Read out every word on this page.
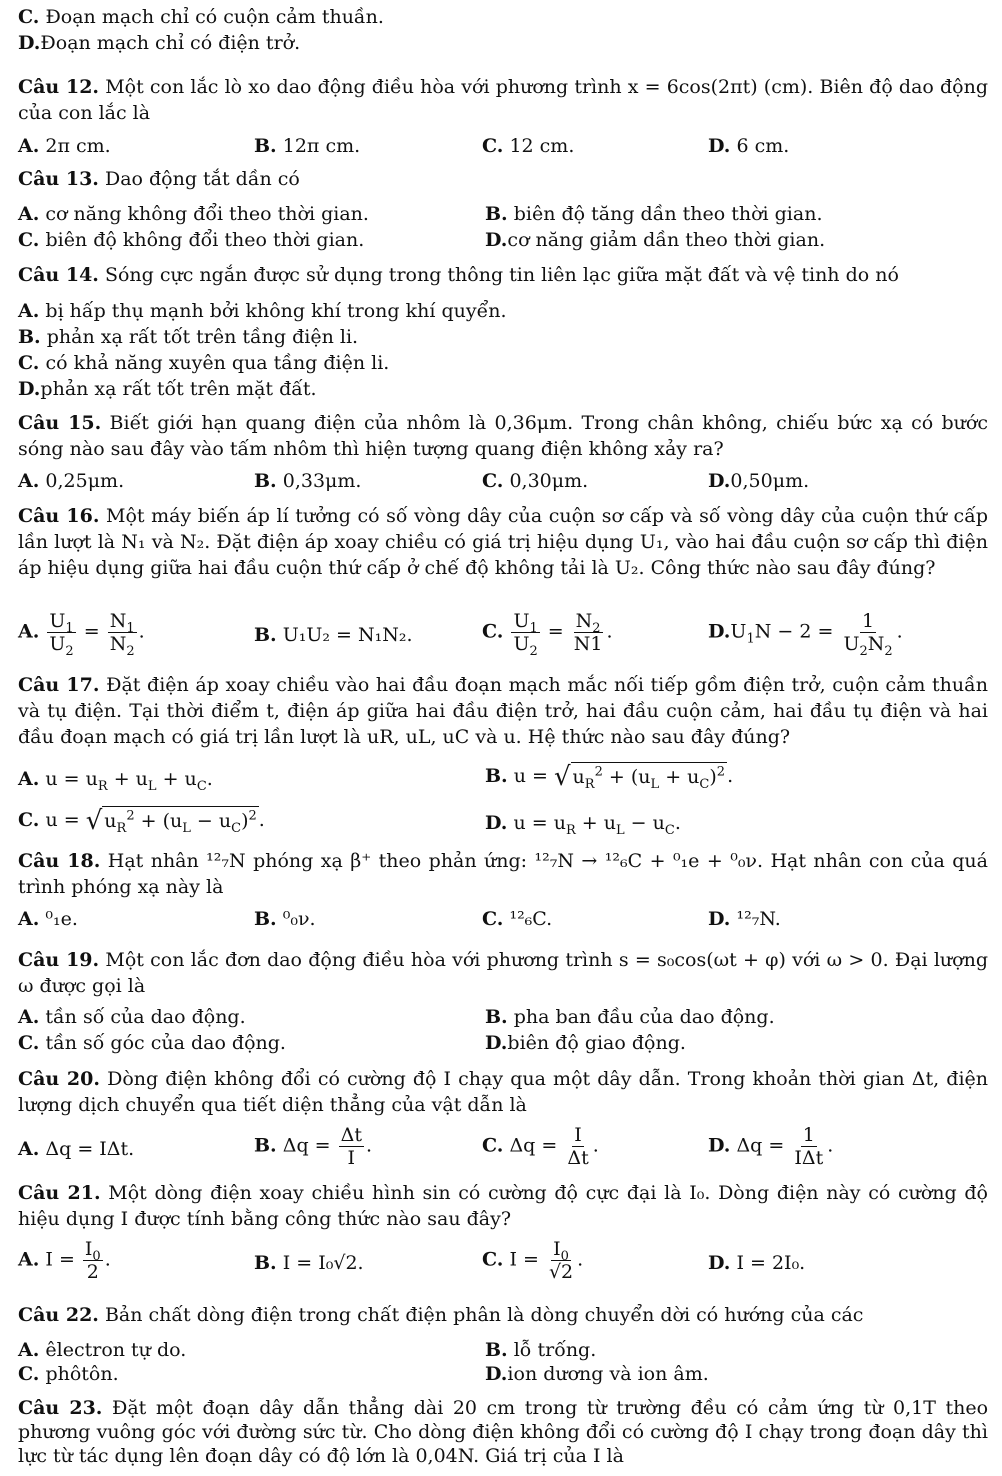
C. Đoạn mạch chỉ có cuộn cảm thuần.
D.Đoạn mạch chỉ có điện trở.
Câu 12. Một con lắc lò xo dao động điều hòa với phương trình x = 6cos(2πt) (cm). Biên độ dao động của con lắc là
A. 2π cm.	B. 12π cm.	C. 12 cm.	D. 6 cm.
Câu 13. Dao động tắt dần có
A. cơ năng không đổi theo thời gian.	B. biên độ tăng dần theo thời gian.
C. biên độ không đổi theo thời gian.	D.cơ năng giảm dần theo thời gian.
Câu 14. Sóng cực ngắn được sử dụng trong thông tin liên lạc giữa mặt đất và vệ tinh do nó
A. bị hấp thụ mạnh bởi không khí trong khí quyển.
B. phản xạ rất tốt trên tầng điện li.
C. có khả năng xuyên qua tầng điện li.
D.phản xạ rất tốt trên mặt đất.
Câu 15. Biết giới hạn quang điện của nhôm là 0,36μm. Trong chân không, chiếu bức xạ có bước sóng nào sau đây vào tấm nhôm thì hiện tượng quang điện không xảy ra?
A. 0,25μm.	B. 0,33μm.	C. 0,30μm.	D.0,50μm.
Câu 16. Một máy biến áp lí tưởng có số vòng dây của cuộn sơ cấp và số vòng dây của cuộn thứ cấp lần lượt là N₁ và N₂. Đặt điện áp xoay chiều có giá trị hiệu dụng U₁, vào hai đầu cuộn sơ cấp thì điện áp hiệu dụng giữa hai đầu cuộn thứ cấp ở chế độ không tải là U₂. Công thức nào sau đây đúng?
A. $\frac{U_1}{U_2} = \frac{N_1}{N_2}$ .	B. U₁U₂ = N₁N₂.	C. $\frac{U_1}{U_2} = \frac{N_2}{N1}$ .	$D.U_1N - 2 = \frac{1}{U_2N_2}$ .
Câu 17. Đặt điện áp xoay chiều vào hai đầu đoạn mạch mắc nối tiếp gồm điện trở, cuộn cảm thuần và tụ điện. Tại thời điểm t, điện áp giữa hai đầu điện trở, hai đầu cuộn cảm, hai đầu tụ điện và hai đầu đoạn mạch có giá trị lần lượt là uR, uL, uC và u. Hệ thức nào sau đây đúng?
A. $u = u_R + u_L + u_C$.	B. u = √ $u_R^2 + (u_L + u_C)^2$ .
C. u = √ $u_R^2 + (u_L - u_C)^2$ .	D. $u = u_R + u_L - u_C$.
Câu 18. Hạt nhân ¹²₇N phóng xạ β⁺ theo phản ứng: ¹²₇N → ¹²₆C + ⁰₁e + ⁰₀ν. Hạt nhân con của quá trình phóng xạ này là
A. ⁰₁e.	B. ⁰₀ν.	C. ¹²₆C.	D. ¹²₇N.
Câu 19. Một con lắc đơn dao động điều hòa với phương trình s = s₀cos(ωt + φ) với ω > 0. Đại lượng ω được gọi là
A. tần số của dao động.	B. pha ban đầu của dao động.
C. tần số góc của dao động.	D.biên độ giao động.
Câu 20. Dòng điện không đổi có cường độ I chạy qua một dây dẫn. Trong khoản thời gian Δt, điện lượng dịch chuyển qua tiết diện thẳng của vật dẫn là
A. Δq = IΔt.	B. $\Delta q = \frac{\Delta t}{I}$ .	C. $\Delta q = \frac{I}{\Delta t}$ .	D. $\Delta q = \frac{1}{\text{IΔt}}$ .
Câu 21. Một dòng điện xoay chiều hình sin có cường độ cực đại là I₀. Dòng điện này có cường độ hiệu dụng I được tính bằng công thức nào sau đây?
A. $I = \frac{I_0}{2}$ .	B. I = I₀√2.	C. $I = \frac{I_0}{√2}$ .	D. I = 2I₀.
Câu 22. Bản chất dòng điện trong chất điện phân là dòng chuyển dời có hướng của các
A. êlectron tự do.	B. lỗ trống.
C. phôtôn.	D.ion dương và ion âm.
Câu 23. Đặt một đoạn dây dẫn thẳng dài 20 cm trong từ trường đều có cảm ứng từ 0,1T theo phương vuông góc với đường sức từ. Cho dòng điện không đổi có cường độ I chạy trong đoạn dây thì lực từ tác dụng lên đoạn dây có độ lớn là 0,04N. Giá trị của I là
